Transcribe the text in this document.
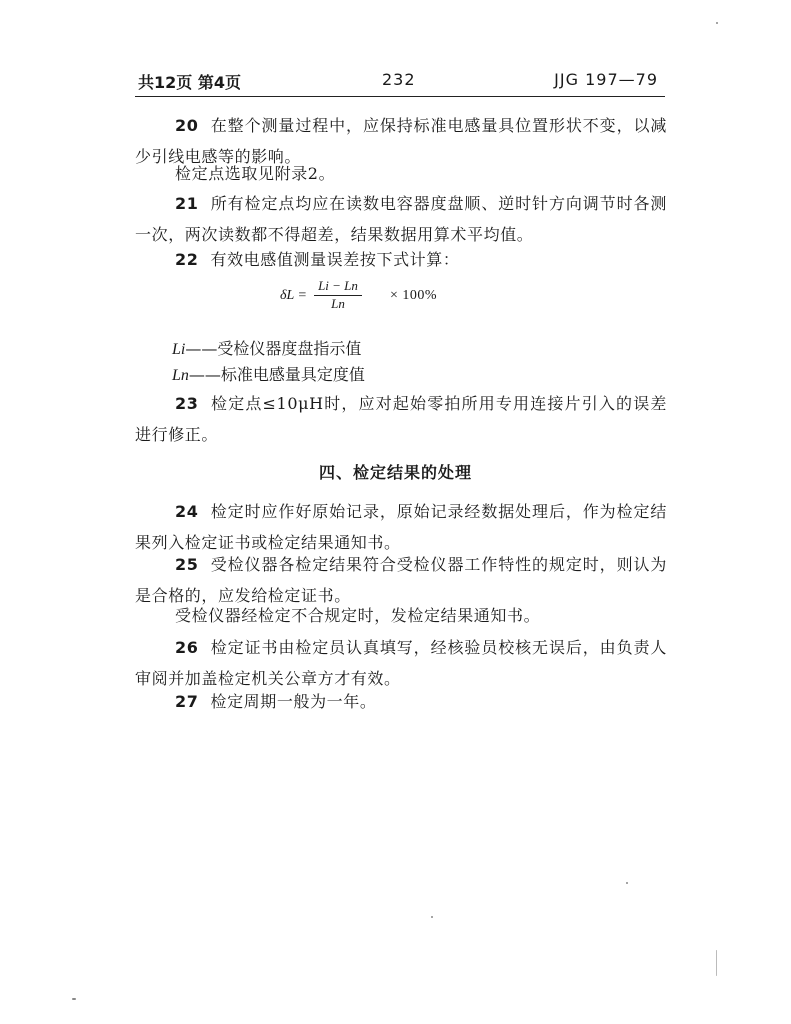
共12页 第4页	232	JJG 197—79

20 在整个测量过程中，应保持标准电感量具位置形状不变，以减少引线电感等的影响。

检定点选取见附录2。

21 所有检定点均应在读数电容器度盘顺、逆时针方向调节时各测一次，两次读数都不得超差，结果数据用算术平均值。

22 有效电感值测量误差按下式计算：

$\delta L = \frac{Li - Ln}{Ln} \times 100\%$
Li——受检仪器度盘指示值
Ln——标准电感量具定度值

23 检定点≤10μH时，应对起始零拍所用专用连接片引入的误差进行修正。

四、检定结果的处理

24 检定时应作好原始记录，原始记录经数据处理后，作为检定结果列入检定证书或检定结果通知书。

25 受检仪器各检定结果符合受检仪器工作特性的规定时，则认为是合格的，应发给检定证书。

受检仪器经检定不合规定时，发检定结果通知书。

26 检定证书由检定员认真填写，经核验员校核无误后，由负责人审阅并加盖检定机关公章方才有效。

27 检定周期一般为一年。
